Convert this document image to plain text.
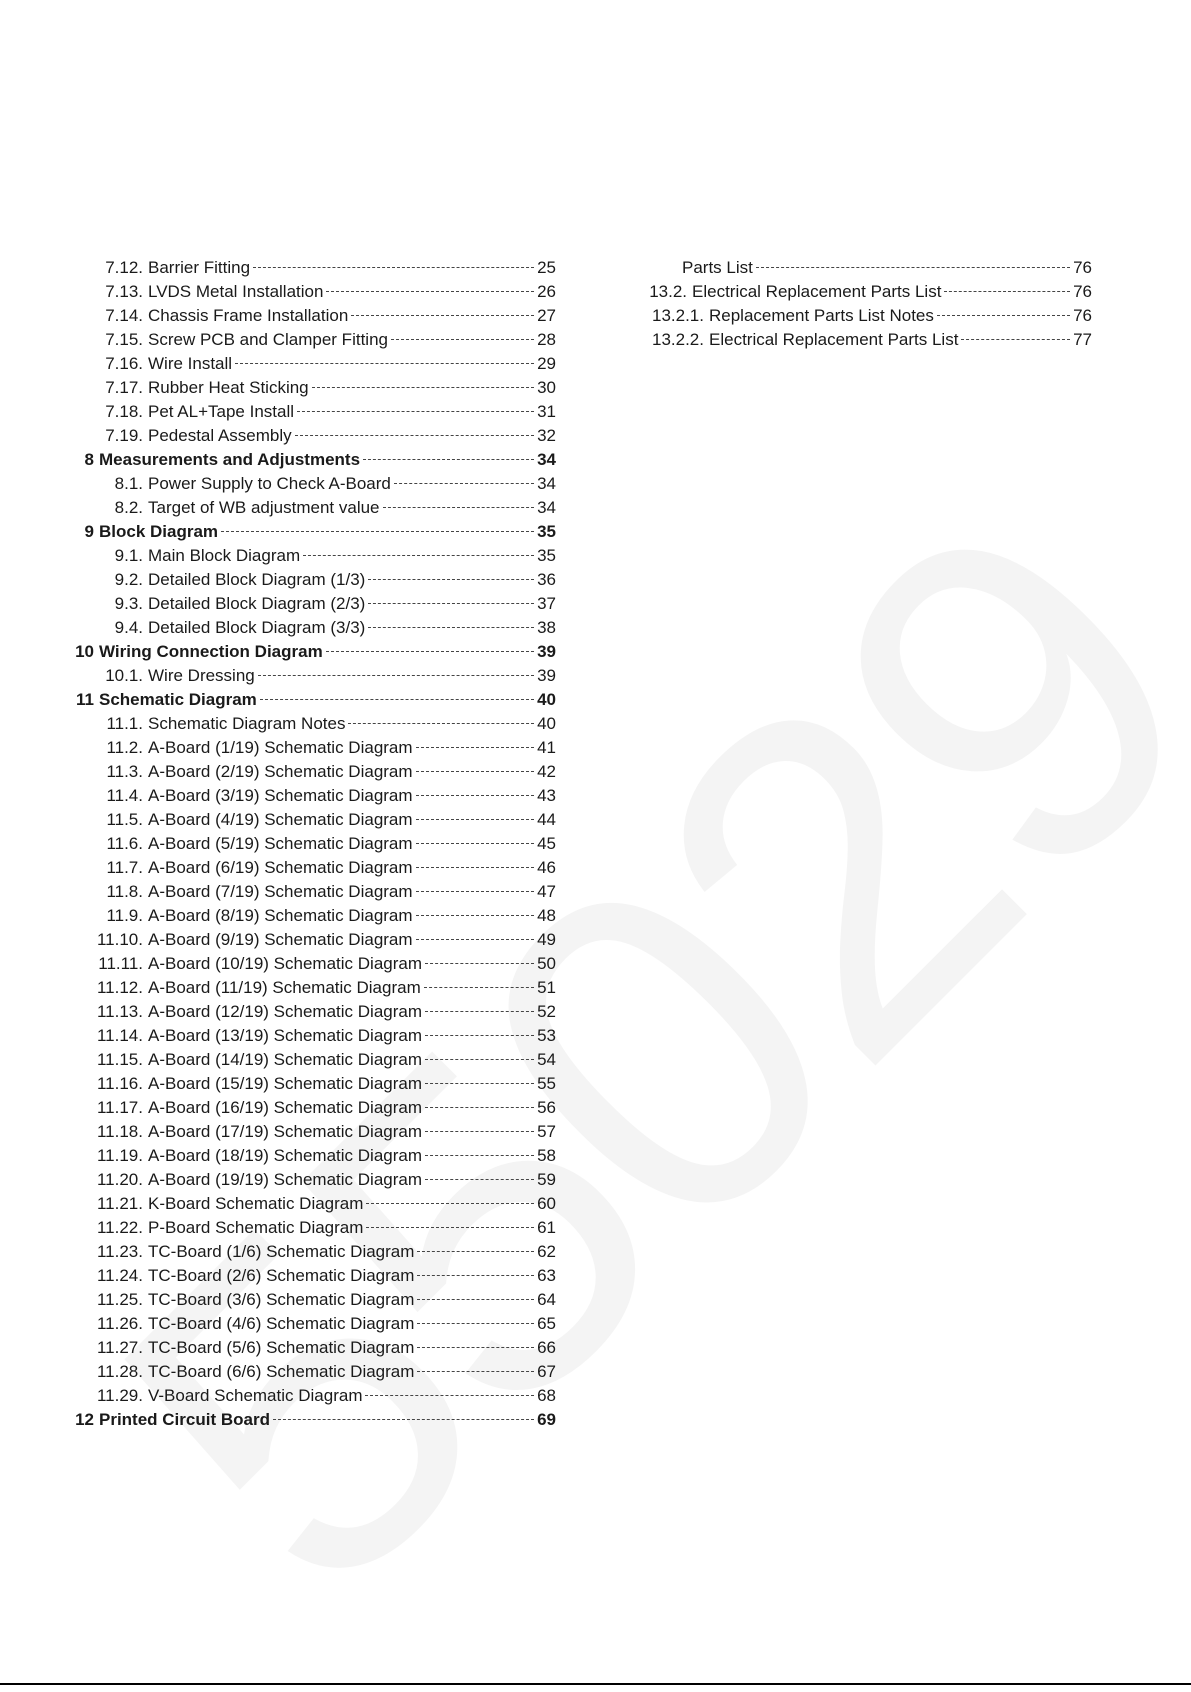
7.12. Barrier Fitting	25
7.13. LVDS Metal Installation	26
7.14. Chassis Frame Installation	27
7.15. Screw PCB and Clamper Fitting	28
7.16. Wire Install	29
7.17. Rubber Heat Sticking	30
7.18. Pet AL+Tape Install	31
7.19. Pedestal Assembly	32
8 Measurements and Adjustments	34
8.1. Power Supply to Check A-Board	34
8.2. Target of WB adjustment value	34
9 Block Diagram	35
9.1. Main Block Diagram	35
9.2. Detailed Block Diagram (1/3)	36
9.3. Detailed Block Diagram (2/3)	37
9.4. Detailed Block Diagram (3/3)	38
10 Wiring Connection Diagram	39
10.1. Wire Dressing	39
11 Schematic Diagram	40
11.1. Schematic Diagram Notes	40
11.2. A-Board (1/19) Schematic Diagram	41
11.3. A-Board (2/19) Schematic Diagram	42
11.4. A-Board (3/19) Schematic Diagram	43
11.5. A-Board (4/19) Schematic Diagram	44
11.6. A-Board (5/19) Schematic Diagram	45
11.7. A-Board (6/19) Schematic Diagram	46
11.8. A-Board (7/19) Schematic Diagram	47
11.9. A-Board (8/19) Schematic Diagram	48
11.10. A-Board (9/19) Schematic Diagram	49
11.11. A-Board (10/19) Schematic Diagram	50
11.12. A-Board (11/19) Schematic Diagram	51
11.13. A-Board (12/19) Schematic Diagram	52
11.14. A-Board (13/19) Schematic Diagram	53
11.15. A-Board (14/19) Schematic Diagram	54
11.16. A-Board (15/19) Schematic Diagram	55
11.17. A-Board (16/19) Schematic Diagram	56
11.18. A-Board (17/19) Schematic Diagram	57
11.19. A-Board (18/19) Schematic Diagram	58
11.20. A-Board (19/19) Schematic Diagram	59
11.21. K-Board Schematic Diagram	60
11.22. P-Board Schematic Diagram	61
11.23. TC-Board (1/6) Schematic Diagram	62
11.24. TC-Board (2/6) Schematic Diagram	63
11.25. TC-Board (3/6) Schematic Diagram	64
11.26. TC-Board (4/6) Schematic Diagram	65
11.27. TC-Board (5/6) Schematic Diagram	66
11.28. TC-Board (6/6) Schematic Diagram	67
11.29. V-Board Schematic Diagram	68
12 Printed Circuit Board	69
Parts List	76
13.2. Electrical Replacement Parts List	76
13.2.1. Replacement Parts List Notes	76
13.2.2. Electrical Replacement Parts List	77
